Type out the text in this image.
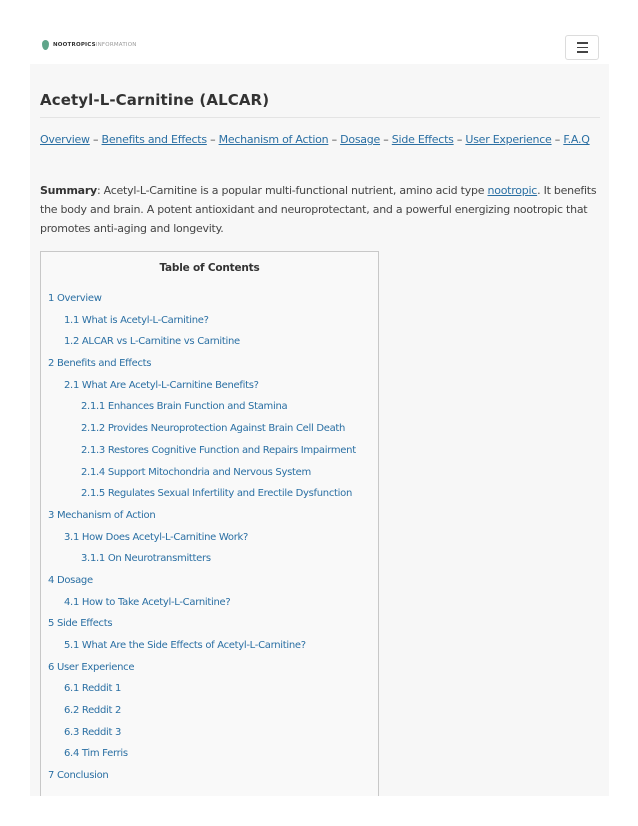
NOOTROPICSINFORMATION
Acetyl-L-Carnitine (ALCAR)
Overview – Benefits and Effects – Mechanism of Action – Dosage – Side Effects – User Experience – F.A.Q

Summary: Acetyl-L-Carnitine is a popular multi-functional nutrient, amino acid type nootropic. It benefits the body and brain. A potent antioxidant and neuroprotectant, and a powerful energizing nootropic that promotes anti-aging and longevity.

Table of Contents
1 Overview
1.1 What is Acetyl-L-Carnitine?
1.2 ALCAR vs L-Carnitine vs Carnitine
2 Benefits and Effects
2.1 What Are Acetyl-L-Carnitine Benefits?
2.1.1 Enhances Brain Function and Stamina
2.1.2 Provides Neuroprotection Against Brain Cell Death
2.1.3 Restores Cognitive Function and Repairs Impairment
2.1.4 Support Mitochondria and Nervous System
2.1.5 Regulates Sexual Infertility and Erectile Dysfunction
3 Mechanism of Action
3.1 How Does Acetyl-L-Carnitine Work?
3.1.1 On Neurotransmitters
4 Dosage
4.1 How to Take Acetyl-L-Carnitine?
5 Side Effects
5.1 What Are the Side Effects of Acetyl-L-Carnitine?
6 User Experience
6.1 Reddit 1
6.2 Reddit 2
6.3 Reddit 3
6.4 Tim Ferris
7 Conclusion
